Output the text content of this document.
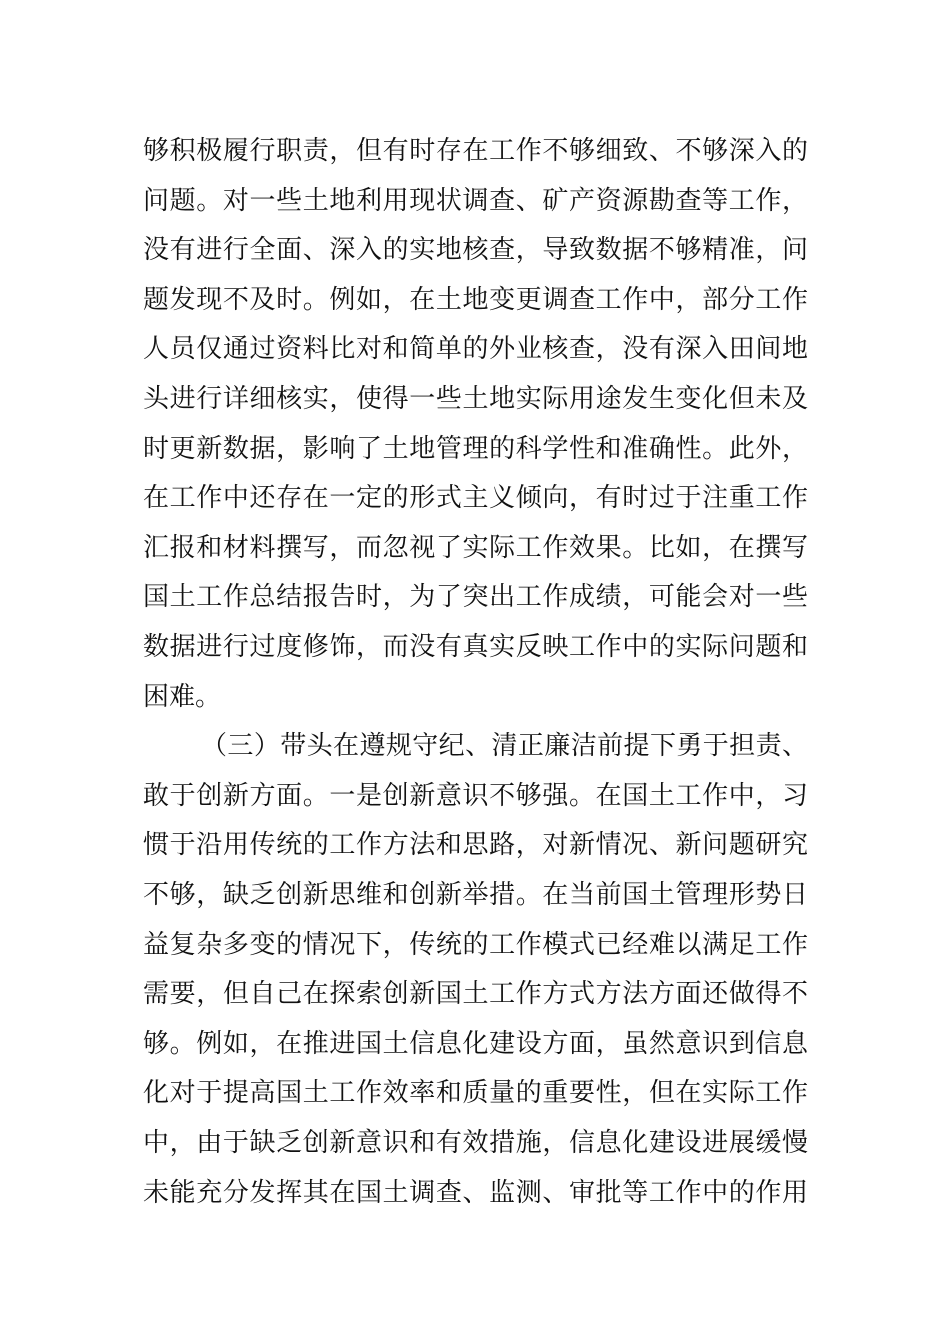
够积极履行职责，但有时存在工作不够细致、不够深入的
问题。对一些土地利用现状调查、矿产资源勘查等工作，
没有进行全面、深入的实地核查，导致数据不够精准，问
题发现不及时。例如，在土地变更调查工作中，部分工作
人员仅通过资料比对和简单的外业核查，没有深入田间地
头进行详细核实，使得一些土地实际用途发生变化但未及
时更新数据，影响了土地管理的科学性和准确性。此外，
在工作中还存在一定的形式主义倾向，有时过于注重工作
汇报和材料撰写，而忽视了实际工作效果。比如，在撰写
国土工作总结报告时，为了突出工作成绩，可能会对一些
数据进行过度修饰，而没有真实反映工作中的实际问题和
困难。
（三）带头在遵规守纪、清正廉洁前提下勇于担责、
敢于创新方面。一是创新意识不够强。在国土工作中，习
惯于沿用传统的工作方法和思路，对新情况、新问题研究
不够，缺乏创新思维和创新举措。在当前国土管理形势日
益复杂多变的情况下，传统的工作模式已经难以满足工作
需要，但自己在探索创新国土工作方式方法方面还做得不
够。例如，在推进国土信息化建设方面，虽然意识到信息
化对于提高国土工作效率和质量的重要性，但在实际工作
中，由于缺乏创新意识和有效措施，信息化建设进展缓慢
未能充分发挥其在国土调查、监测、审批等工作中的作用
